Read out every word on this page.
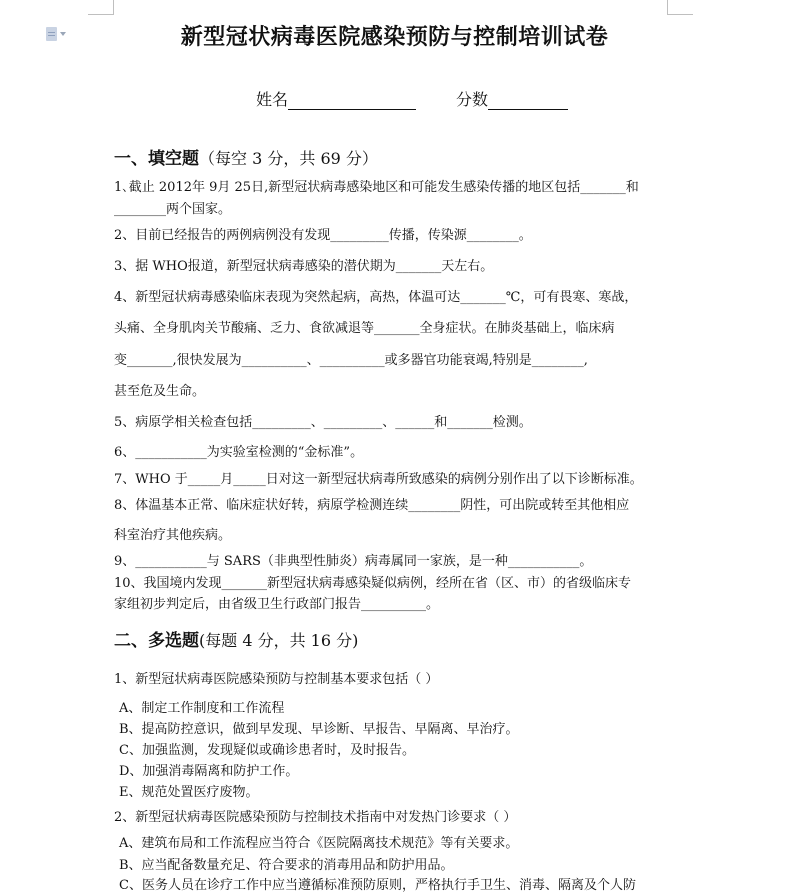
新型冠状病毒医院感染预防与控制培训试卷
姓名	分数
一、填空题（每空 3 分，共 69 分）
1､截止 2012年 9月 25日,新型冠状病毒感染地区和可能发生感染传播的地区包括_______和
________两个国家。
2、目前已经报告的两例病例没有发现_________传播，传染源________。
3、据 WHO报道，新型冠状病毒感染的潜伏期为_______天左右。
4、新型冠状病毒感染临床表现为突然起病，高热，体温可达_______℃，可有畏寒、寒战，
头痛、全身肌肉关节酸痛、乏力、食欲减退等_______全身症状。在肺炎基础上，临床病
变_______,很快发展为__________、__________或多器官功能衰竭,特别是________,
甚至危及生命。
5、病原学相关检查包括_________、_________、______和_______检测。
6、___________为实验室检测的“金标准”。
7、WHO 于_____月_____日对这一新型冠状病毒所致感染的病例分别作出了以下诊断标准。
8、体温基本正常、临床症状好转，病原学检测连续________阴性，可出院或转至其他相应
科室治疗其他疾病。
9、___________与 SARS（非典型性肺炎）病毒属同一家族，是一种___________。
10、我国境内发现_______新型冠状病毒感染疑似病例，经所在省（区、市）的省级临床专
家组初步判定后，由省级卫生行政部门报告__________。
二、多选题(每题 4 分，共 16 分)
1、新型冠状病毒医院感染预防与控制基本要求包括（ ）
A、制定工作制度和工作流程
B、提高防控意识，做到早发现、早诊断、早报告、早隔离、早治疗。
C、加强监测，发现疑似或确诊患者时，及时报告。
D、加强消毒隔离和防护工作。
E、规范处置医疗废物。
2、新型冠状病毒医院感染预防与控制技术指南中对发热门诊要求（ ）
A、建筑布局和工作流程应当符合《医院隔离技术规范》等有关要求。
B、应当配备数量充足、符合要求的消毒用品和防护用品。
C、医务人员在诊疗工作中应当遵循标准预防原则，严格执行手卫生、消毒、隔离及个人防
